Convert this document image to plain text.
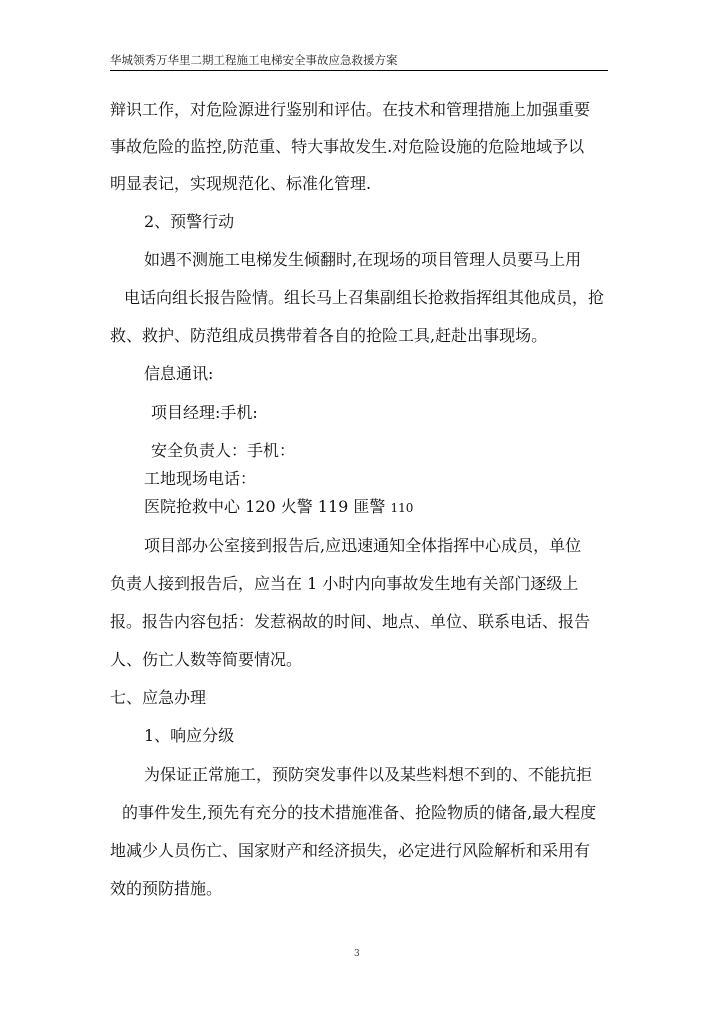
华城领秀万华里二期工程施工电梯安全事故应急救援方案
辩识工作，对危险源进行鉴别和评估。在技术和管理措施上加强重要
事故危险的监控,防范重、特大事故发生.对危险设施的危险地域予以
明显表记，实现规范化、标准化管理.
2、预警行动
如遇不测施工电梯发生倾翻时,在现场的项目管理人员要马上用
电话向组长报告险情。组长马上召集副组长抢救指挥组其他成员，抢
救、救护、防范组成员携带着各自的抢险工具,赶赴出事现场。
信息通讯:
项目经理:手机:
安全负责人：手机：
工地现场电话：
医院抢救中心 120 火警 119 匪警 110
项目部办公室接到报告后,应迅速通知全体指挥中心成员，单位
负责人接到报告后，应当在 1 小时内向事故发生地有关部门逐级上
报。报告内容包括：发惹祸故的时间、地点、单位、联系电话、报告
人、伤亡人数等简要情况。
七、应急办理
1、响应分级
为保证正常施工，预防突发事件以及某些料想不到的、不能抗拒
的事件发生,预先有充分的技术措施准备、抢险物质的储备,最大程度
地减少人员伤亡、国家财产和经济损失，必定进行风险解析和采用有
效的预防措施。
3
